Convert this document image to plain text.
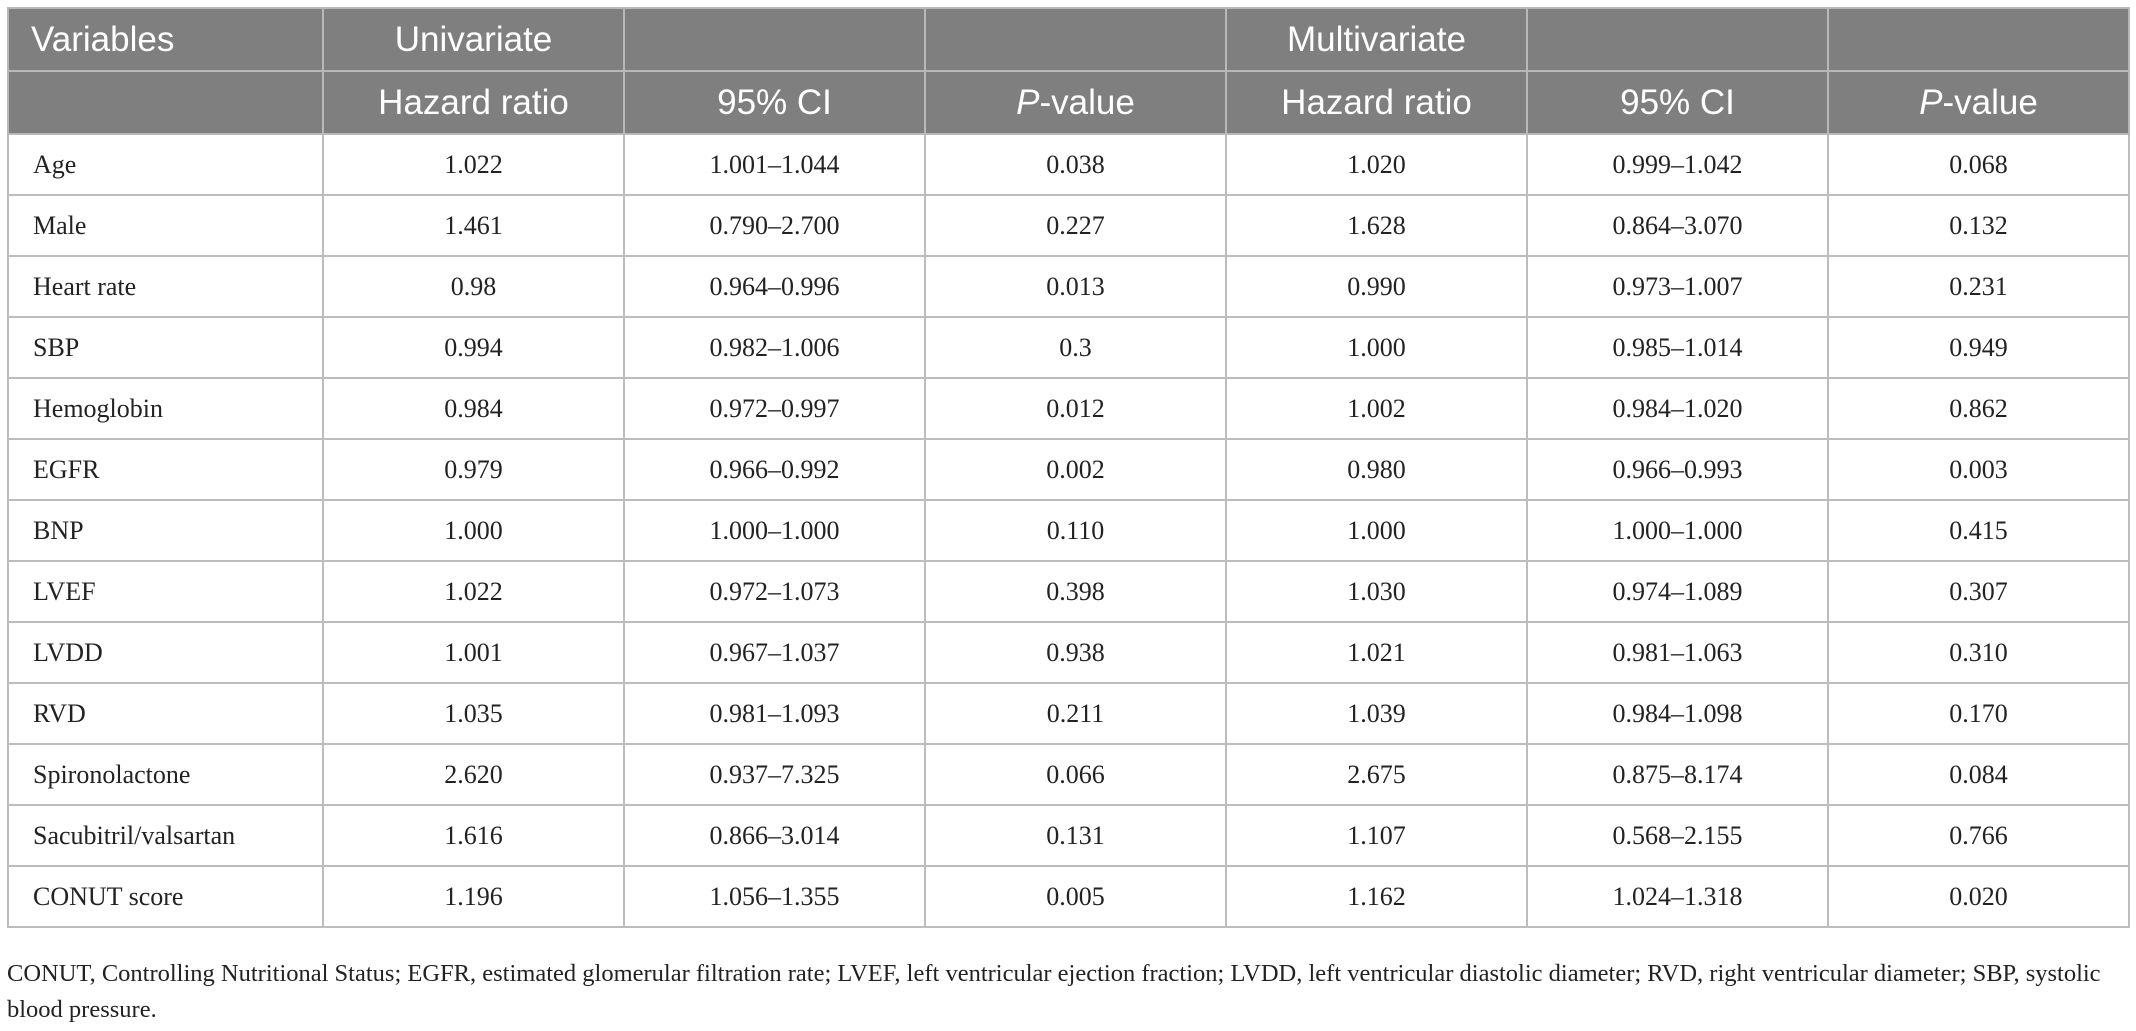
Variables	Univariate			Multivariate		
	Hazard ratio	95% CI	P-value	Hazard ratio	95% CI	P-value
Age	1.022	1.001–1.044	0.038	1.020	0.999–1.042	0.068
Male	1.461	0.790–2.700	0.227	1.628	0.864–3.070	0.132
Heart rate	0.98	0.964–0.996	0.013	0.990	0.973–1.007	0.231
SBP	0.994	0.982–1.006	0.3	1.000	0.985–1.014	0.949
Hemoglobin	0.984	0.972–0.997	0.012	1.002	0.984–1.020	0.862
EGFR	0.979	0.966–0.992	0.002	0.980	0.966–0.993	0.003
BNP	1.000	1.000–1.000	0.110	1.000	1.000–1.000	0.415
LVEF	1.022	0.972–1.073	0.398	1.030	0.974–1.089	0.307
LVDD	1.001	0.967–1.037	0.938	1.021	0.981–1.063	0.310
RVD	1.035	0.981–1.093	0.211	1.039	0.984–1.098	0.170
Spironolactone	2.620	0.937–7.325	0.066	2.675	0.875–8.174	0.084
Sacubitril/valsartan	1.616	0.866–3.014	0.131	1.107	0.568–2.155	0.766
CONUT score	1.196	1.056–1.355	0.005	1.162	1.024–1.318	0.020
CONUT, Controlling Nutritional Status; EGFR, estimated glomerular filtration rate; LVEF, left ventricular ejection fraction; LVDD, left ventricular diastolic diameter; RVD, right ventricular diameter; SBP, systolic blood pressure.
